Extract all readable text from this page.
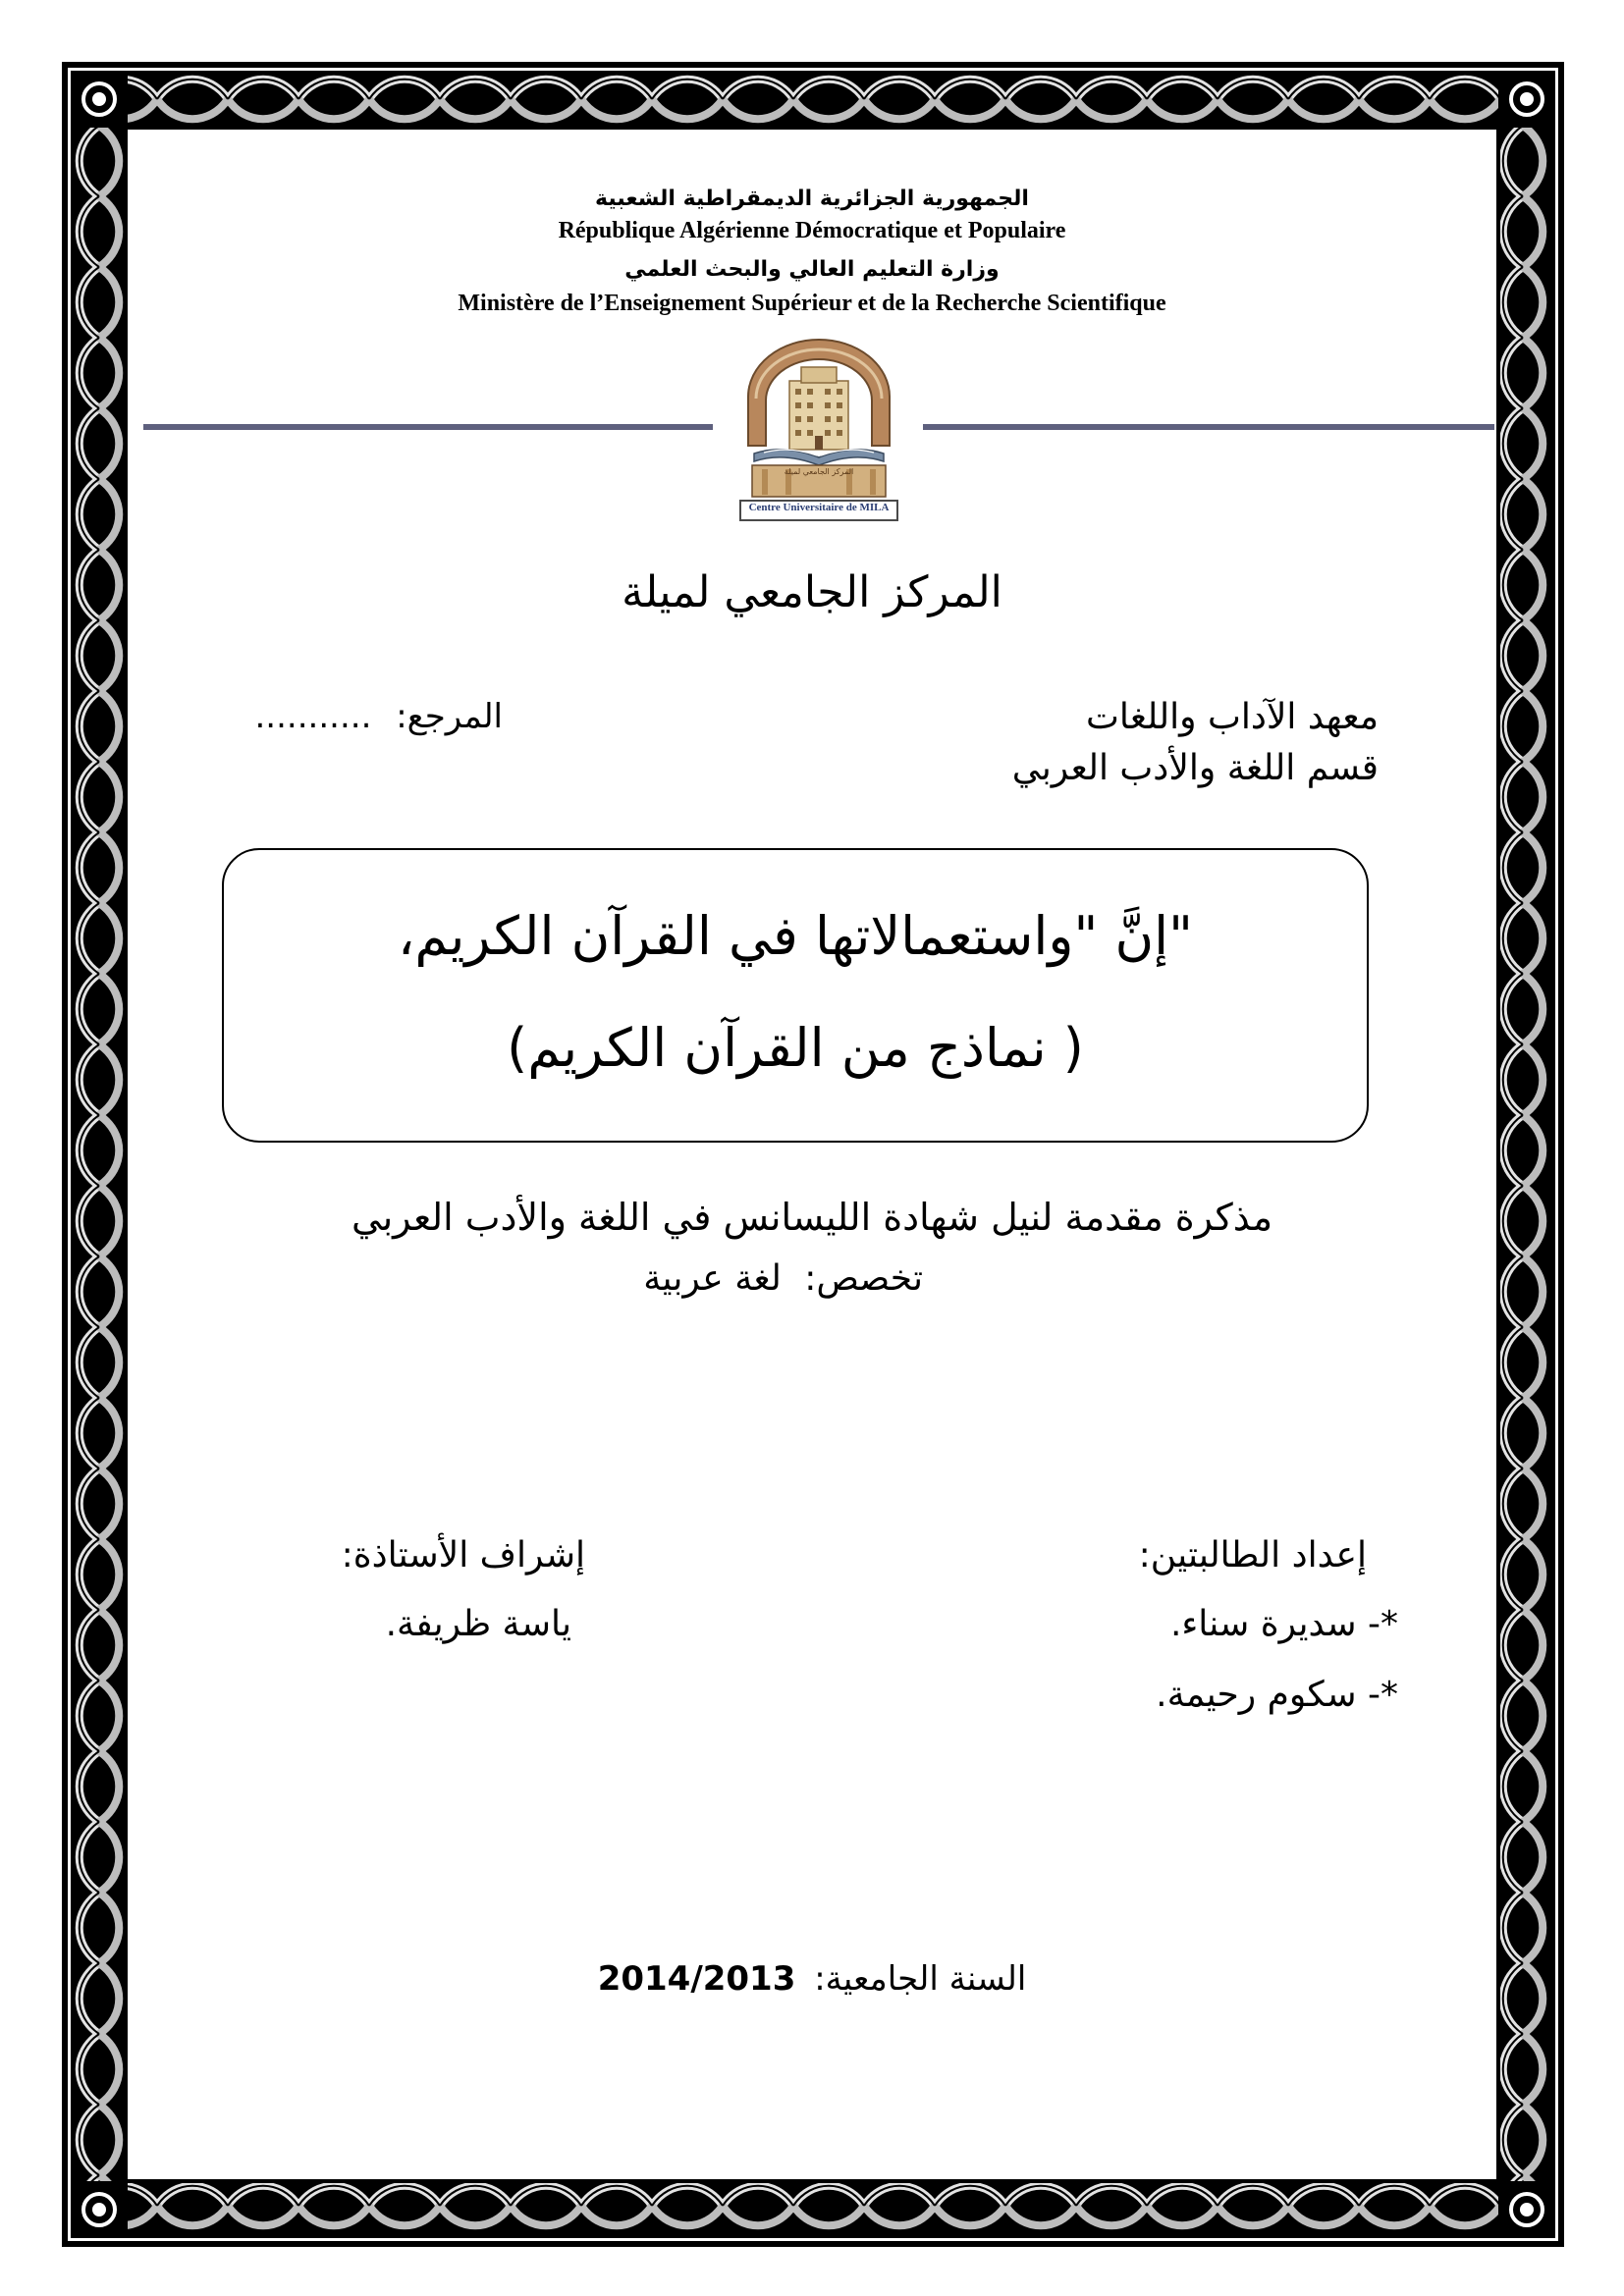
الجمهورية الجزائرية الديمقراطية الشعبية
République Algérienne Démocratique et Populaire
وزارة التعليم العالي والبحث العلمي
Ministère de l’Enseignement Supérieur et de la Recherche Scientifique
Centre Universitaire de MILA
المركز الجامعي لميلة
المركز الجامعي لميلة
معهد الآداب واللغات
قسم اللغة والأدب العربي
المرجع: ...........
"إنَّ "واستعمالاتها في القرآن الكريم،
( نماذج من القرآن الكريم)
مذكرة مقدمة لنيل شهادة الليسانس في اللغة والأدب العربي
تخصص: لغة عربية
إعداد الطالبتين:
*- سديرة سناء.
*- سكوم رحيمة.
إشراف الأستاذة:
ياسة ظريفة.
السنة الجامعية: 2014/2013
